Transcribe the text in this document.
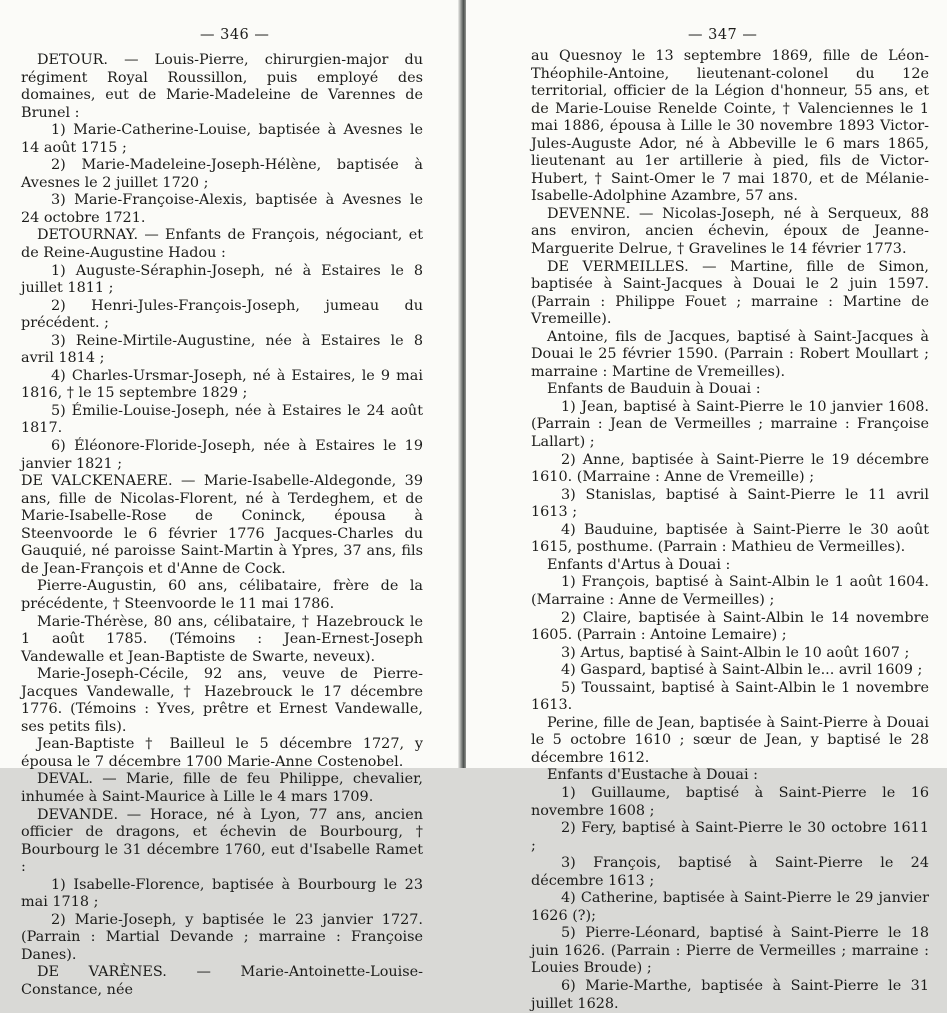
— 346 —

DETOUR. — Louis-Pierre, chirurgien-major du régiment Royal Roussillon, puis employé des domaines, eut de Marie-Madeleine de Varennes de Brunel :

1) Marie-Catherine-Louise, baptisée à Avesnes le 14 août 1715 ;

2) Marie-Madeleine-Joseph-Hélène, baptisée à Avesnes le 2 juillet 1720 ;

3) Marie-Françoise-Alexis, baptisée à Avesnes le 24 octobre 1721.

DETOURNAY. — Enfants de François, négociant, et de Reine-Augustine Hadou :

1) Auguste-Séraphin-Joseph, né à Estaires le 8 juillet 1811 ;

2) Henri-Jules-François-Joseph, jumeau du précédent. ;

3) Reine-Mirtile-Augustine, née à Estaires le 8 avril 1814 ;

4) Charles-Ursmar-Joseph, né à Estaires, le 9 mai 1816, † le 15 septembre 1829 ;

5) Émilie-Louise-Joseph, née à Estaires le 24 août 1817.

6) Éléonore-Floride-Joseph, née à Estaires le 19 janvier 1821 ;

DE VALCKENAERE. — Marie-Isabelle-Aldegonde, 39 ans, fille de Nicolas-Florent, né à Terdeghem, et de Marie-Isabelle-Rose de Coninck, épousa à Steenvoorde le 6 février 1776 Jacques-Charles du Gauquié, né paroisse Saint-Martin à Ypres, 37 ans, fils de Jean-François et d'Anne de Cock.

Pierre-Augustin, 60 ans, célibataire, frère de la précédente, † Steenvoorde le 11 mai 1786.

Marie-Thérèse, 80 ans, célibataire, † Hazebrouck le 1 août 1785. (Témoins : Jean-Ernest-Joseph Vandewalle et Jean-Baptiste de Swarte, neveux).

Marie-Joseph-Cécile, 92 ans, veuve de Pierre-Jacques Vandewalle, † Hazebrouck le 17 décembre 1776. (Témoins : Yves, prêtre et Ernest Vandewalle, ses petits fils).

Jean-Baptiste † Bailleul le 5 décembre 1727, y épousa le 7 décembre 1700 Marie-Anne Costenobel.

DEVAL. — Marie, fille de feu Philippe, chevalier, inhumée à Saint-Maurice à Lille le 4 mars 1709.

DEVANDE. — Horace, né à Lyon, 77 ans, ancien officier de dragons, et échevin de Bourbourg, † Bourbourg le 31 décembre 1760, eut d'Isabelle Ramet :

1) Isabelle-Florence, baptisée à Bourbourg le 23 mai 1718 ;

2) Marie-Joseph, y baptisée le 23 janvier 1727. (Parrain : Martial Devande ; marraine : Françoise Danes).

DE VARÈNES. — Marie-Antoinette-Louise-Constance, née

— 347 —

au Quesnoy le 13 septembre 1869, fille de Léon-Théophile-Antoine, lieutenant-colonel du 12e territorial, officier de la Légion d'honneur, 55 ans, et de Marie-Louise Renelde Cointe, † Valenciennes le 1 mai 1886, épousa à Lille le 30 novembre 1893 Victor-Jules-Auguste Ador, né à Abbeville le 6 mars 1865, lieutenant au 1er artillerie à pied, fils de Victor-Hubert, † Saint-Omer le 7 mai 1870, et de Mélanie-Isabelle-Adolphine Azambre, 57 ans.

DEVENNE. — Nicolas-Joseph, né à Serqueux, 88 ans environ, ancien échevin, époux de Jeanne-Marguerite Delrue, † Gravelines le 14 février 1773.

DE VERMEILLES. — Martine, fille de Simon, baptisée à Saint-Jacques à Douai le 2 juin 1597. (Parrain : Philippe Fouet ; marraine : Martine de Vremeille).

Antoine, fils de Jacques, baptisé à Saint-Jacques à Douai le 25 février 1590. (Parrain : Robert Moullart ; marraine : Martine de Vremeilles).

Enfants de Bauduin à Douai :

1) Jean, baptisé à Saint-Pierre le 10 janvier 1608. (Parrain : Jean de Vermeilles ; marraine : Françoise Lallart) ;

2) Anne, baptisée à Saint-Pierre le 19 décembre 1610. (Marraine : Anne de Vremeille) ;

3) Stanislas, baptisé à Saint-Pierre le 11 avril 1613 ;

4) Bauduine, baptisée à Saint-Pierre le 30 août 1615, posthume. (Parrain : Mathieu de Vermeilles).

Enfants d'Artus à Douai :

1) François, baptisé à Saint-Albin le 1 août 1604. (Marraine : Anne de Vermeilles) ;

2) Claire, baptisée à Saint-Albin le 14 novembre 1605. (Parrain : Antoine Lemaire) ;

3) Artus, baptisé à Saint-Albin le 10 août 1607 ;

4) Gaspard, baptisé à Saint-Albin le... avril 1609 ;

5) Toussaint, baptisé à Saint-Albin le 1 novembre 1613.

Perine, fille de Jean, baptisée à Saint-Pierre à Douai le 5 octobre 1610 ; sœur de Jean, y baptisé le 28 décembre 1612.

Enfants d'Eustache à Douai :

1) Guillaume, baptisé à Saint-Pierre le 16 novembre 1608 ;

2) Fery, baptisé à Saint-Pierre le 30 octobre 1611 ;

3) François, baptisé à Saint-Pierre le 24 décembre 1613 ;

4) Catherine, baptisée à Saint-Pierre le 29 janvier 1626 (?);

5) Pierre-Léonard, baptisé à Saint-Pierre le 18 juin 1626. (Parrain : Pierre de Vermeilles ; marraine : Louies Broude) ;

6) Marie-Marthe, baptisée à Saint-Pierre le 31 juillet 1628.
